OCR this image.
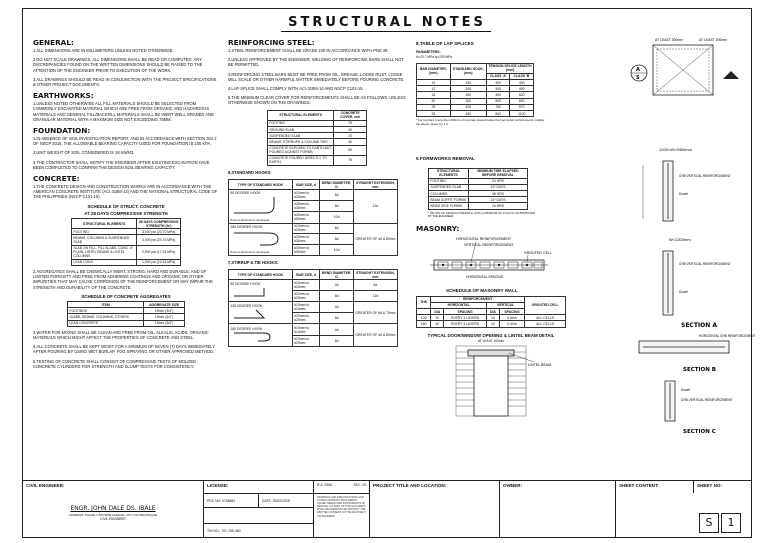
STRUCTURAL NOTES
GENERAL:

1.ALL DIMENSIONS ARE IN MILLIMETERS UNLESS NOTED OTHERWISE.

2.DO NOT SCALE DRAWINGS. ALL DIMENSIONS SHALL BE READ OR COMPUTED. ANY DISCREPANCIES FOUND ON THE WRITTEN DIMENSIONS SHOULD BE RAISED TO THE ATTENTION OF THE ENGINEER PRIOR TO EXECUTION OF THE WORK.

3.ALL DRAWINGS SHOULD BE READ IN CONJUNCTION WITH THE PROJECT SPECIFICATIONS & OTHER PROJECT DOCUMENTS.

EARTHWORKS:

1.UNLESS NOTED OTHERWISE ALL FILL MATERIALS SHOULD BE SELECTED FROM COMMONLY EXCAVATED MATERIAL WHICH ARE FREE FROM ORGANIC AND HAZARDOUS MATERIALS AND GENERAL FILL/BACKFILL MATERIALS SHALL BE INERT WELL GRADED AND GRANULAR MATERIAL WITH A MAXIMUM SIZE NOT EXCEEDING 75MM.

FOUNDATION:

1.IN ABSENCE OF SOIL INVESTIGATION REPORT, AND IN ACCORDANCE WITH SECTION 304.2 OF NSCP 2015, THE ALLOWABLE BEARING CAPACITY USED FOR FOUNDATION IS 100 KPA.

2.UNIT WEIGHT OF SOIL CONSIDERED IS 18 KN/M3.

3.THE CONTRACTOR SHALL NOTIFY THE ENGINEER AFTER EXISTING EXCAVATION HAVE BEEN COMPLETED TO CONFIRM THE DESIGN SOIL BEARING CAPACITY.

CONCRETE:

1.THE CONCRETE DESIGN AND CONSTRUCTION WORKS ARE IN ACCORDANCE WITH THE AMERICAN CONCRETE INSTITUTE (ACI 318M-14) AND THE NATIONAL STRUCTURAL CODE OF THE PHILIPPINES (NSCP C101-15).

SCHEDULE OF STRUCT. CONCRETE
AT 28 DAYS COMPRESSIVE STRENGTH
STRUCTURAL ELEMENTS	28 DAYS COMPRESSIVE STRENGTH (fc')
FOOTING	3,000 psi (20.70 MPa)
BEAMS, COLUMNS & SUSPENDED SLAB	3,000 psi (20.70 MPa)
SLAB ON FILL, FILL SLABS, CONC. 4" PLAIN, LINTEL BEAMS & LINTEL COLUMNS	2,500 psi (17.24 MPa)
LEAN CONC.	1,500 psi (10.34 MPa)

2.AGGREGATES SHALL BE CHEMICALLY INERT, STRONG, HARD AND DURABLE, AND OF LIMITED POROSITY AND FREE FROM ADHERING COATINGS AND ORGANIC OR OTHER IMPURITIES THAT MAY CAUSE CORROSION OF THE REINFORCEMENT OR MAY IMPAIR THE STRENGTH AND DURABILITY OF THE CONCRETE.

SCHEDULE OF CONCRETE AGGREGATES
ITEM	AGGREGATE SIZE
FOOTINGS	19mm (3/4")
SLABS, BEAMS, COLUMNS, OTHERS	19mm (3/4")
LEAN CONCRETE	19mm (3/4")

3.WATER FOR MIXING SHALL BE CLEAN AND FREE FROM OIL, ALKALIS, ACIDS, ORGANIC MATERIALS WHICH MIGHT AFFECT THE PROPERTIES OF CONCRETE AND STEEL.

4.ALL CONCRETE SHALL BE KEPT MOIST FOR A MINIMUM OF SEVEN (7) DAYS IMMEDIATELY AFTER POURING BY USING WET BURLAP, FOG SPRAYING OR OTHER APPROVED METHOD.

5.TESTING OF CONCRETE SHALL CONSIST OF COMPRESSIVE TESTS OF MOLDED CONCRETE CYLINDERS FOR STRENGTH AND SLUMP TESTS FOR CONSISTENCY.

REINFORCING STEEL:

1.STEEL REINFORCEMENT SHALL BE GRADE 230 IN ACCORDANCE WITH PNS 49.

2.UNLESS APPROVED BY THE ENGINEER, WELDING OF REINFORCING BARS SHALL NOT BE PERMITTED.

3.REINFORCING STEEL BARS MUST BE FREE FROM OIL, GREASE, LOOSE RUST, LOOSE MILL SCALE OR OTHER HARMFUL MATTER IMMEDIATELY BEFORE POURING CONCRETE.

4.LAP SPLICE SHALL COMPLY WITH ACI-318M-14 AND NSCP C101-15.

5.THE MINIMUM CLEAR COVER FOR REINFORCEMENTS SHALL BE AS FOLLOWS, UNLESS OTHERWISE SHOWN ON THE DRAWINGS:

STRUCTURAL ELEMENTS	CONCRETE COVER, mm
FOOTING	75
GROUND SLAB	40
SUSPENDED SLAB	20
BEAMS, STIRRUPS & COLUMN TIES	40
CONCRETE EXPOSED TO EARTH BUT POURED AGAINST FORMS	50
CONCRETE POURED DIRECTLY TO EARTH	75
6.STANDARD HOOKS:
TYPE OF STANDARD HOOK	BAR SIZE, d	BEND DIAMETER, D	STRAIGHT EXTENSION, mm

90 DEGREE HOOK
Point at which bar is developed	#10mm to #25mm	6d	12d
	#28mm to #36mm	8d	
	#40mm to #55mm	10d	

180 DEGREE HOOK
Point at which bar is developed	#10mm to #25mm	6d	GREATER OF 4d & 65mm
	#28mm to #36mm	8d	
	#40mm to #55mm	10d	
7.STIRRUP & TIE HOOKS:
TYPE OF STANDARD HOOK	BAR SIZE, d	BEND DIAMETER, D	STRAIGHT EXTENSION, mm

90 DEGREE HOOK	#10mm to #16mm	4d	6d
	#20mm to #25mm	6d	12d

135 DEGREE HOOK	#10mm to #16mm	4d	GREATER OF 6d & 75mm
	#20mm to #25mm	6d	

180 DEGREE HOOK	#10mm to #16mm	4d	GREATER OF 4d & 65mm
	#20mm to #25mm	6d	
8.TABLE OF LAP SPLICES
PARAMETERS:
fc=20.7 MPa fy=230 MPa
BAR DIAMETER, (mm)	STANDARD HOOK, (mm)	TENSION SPLICE LENGTH (mm)	
		CLASS 'A'	CLASS 'B'
10	150	300	400
12	200	300	400
16	250	400	520
20	300	500	650
25	400	750	970
28	450	840	1100
* For top bars (more than 300mm of concrete placed below the horizontal reinforcement) multiply the above values by 1.3
9.FORMWORKS REMOVAL
STRUCTURAL ELEMENTS	MINIMUM TIME ELAPSED BEFORE REMOVAL
FOOTING	24 HRS
SUSPENDED SLAB	21* DAYS
COLUMNS	48 HRS
BEAM SOFFIT FORMS	21* DAYS
BEAM SIDE FORMS	24 HRS
* OR 70% OF DESIGN STRENGTH, WITH A MINIMUM OF 14 DAYS OR APPROVED BY THE ENGINEER
MASONRY:
HORIZONTAL REINFORCEMENT
VERTICAL REINFORCEMENT
GROUTED CELL
HORIZONTAL SPACING
SCHEDULE OF MASONRY WALL
THK	REINFORCEMENT				GROUTED CELL
	HORIZONTAL		VERTICAL		
	DIA	SPACING	DIA	SPACING	
100	10	EVERY 3 LAYERS	10	0.60m	ALL CELLS
150	10	EVERY 3 LAYERS	10	0.40m	ALL CELLS
TYPICAL DOOR/WINDOW OPENING & LINTEL BEAM DETAIL
AT LEAST 200mm
LINTEL BEAM
AT LEAST 200mm	AT LEAST 200mm
A
S
1200<W<3400mm
CHB VERTICAL REINFORCEMENT
Dowel
W<1200mm
CHB VERTICAL REINFORCEMENT
Dowel
SECTION A
HORIZONTAL CHB REINFORCEMENT
SECTION B
Dowel
CHB VERTICAL REINFORCEMENT
SECTION C
CIVIL ENGINEER:
ENGR. JOHN DALE DS. IBALE
ADDRESS: PHASE 1 BAYSIDE AVENUE, CITY OF PARAÑAQUE
CIVIL ENGINEER
LICENSE:
PRC NO: 0768881	DATE: 09/02/2028
TIN NO.: 757-765-360
R.A. 9266	SEC. 20
DRAWINGS AND SPECIFICATIONS AND OTHER CONTRACT DOCUMENTS ISSUED HEREIN ARE INSTRUMENTS OF SERVICE. NO PART OF THIS DOCUMENT SHALL BE REPRODUCED WITHOUT THE WRITTEN CONSENT OF THE ARCHITECT OR ENGINEER.
PROJECT TITLE AND LOCATION:	OWNER:	SHEET CONTENT:	SHEET NO:
S	1
